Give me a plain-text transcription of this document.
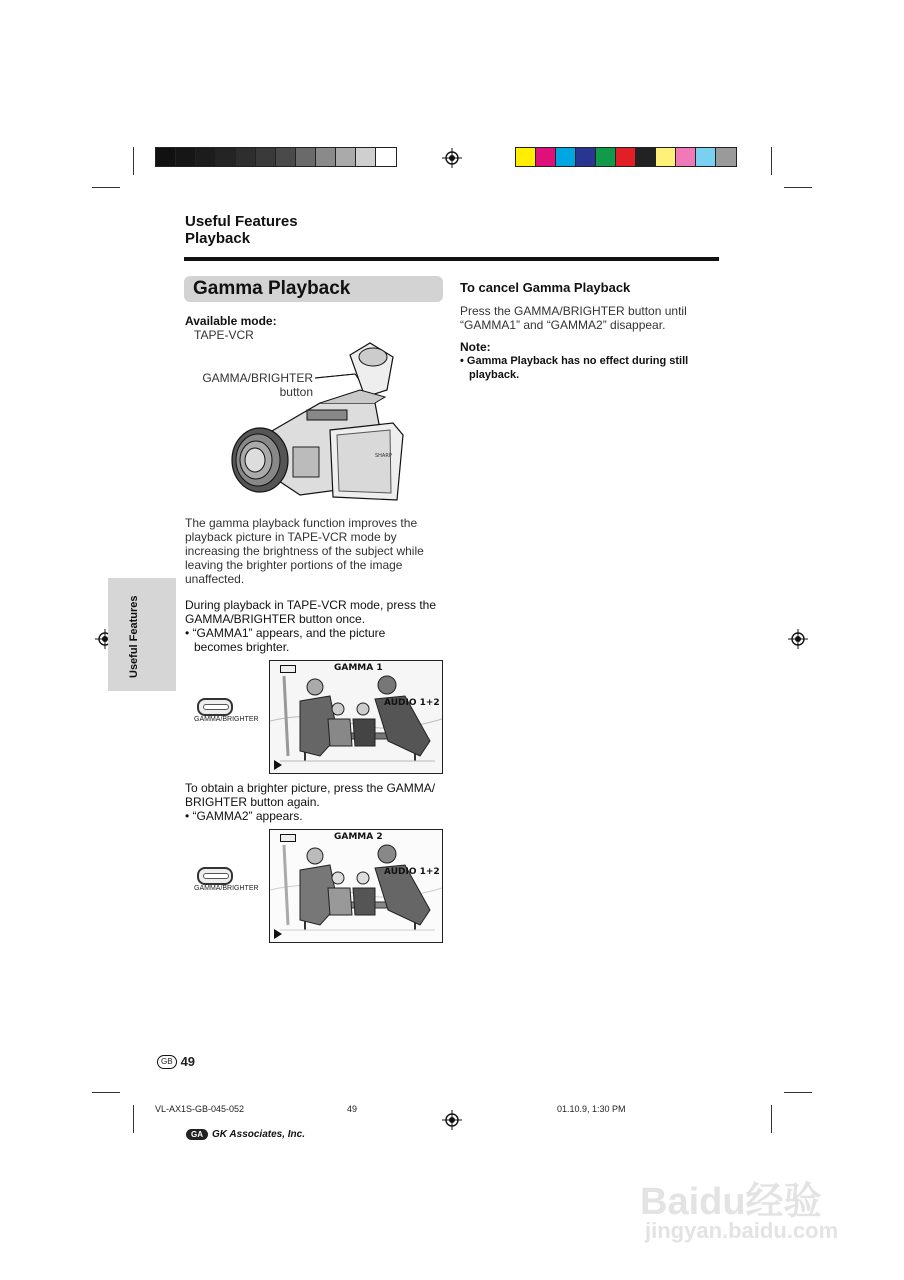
Useful Features
Playback
Gamma Playback
Available mode:
TAPE-VCR
GAMMA/BRIGHTER
button
SHARP
The gamma playback function improves the
playback picture in TAPE-VCR mode by
increasing the brightness of the subject while
leaving the brighter portions of the image
unaffected.
During playback in TAPE-VCR mode, press the
GAMMA/BRIGHTER button once.
• “GAMMA1” appears, and the picture
becomes brighter.
GAMMA/BRIGHTER
GAMMA 1
AUDIO 1+2
To obtain a brighter picture, press the GAMMA/
BRIGHTER button again.
• “GAMMA2” appears.
GAMMA/BRIGHTER
GAMMA 2
AUDIO 1+2
To cancel Gamma Playback
Press the GAMMA/BRIGHTER button until
“GAMMA1” and “GAMMA2” disappear.
Note:
• Gamma Playback has no effect during still
playback.
Useful Features
GB 49
VL-AX1S-GB-045-052	49	01.10.9, 1:30 PM
GA GK Associates, Inc.
Baidu经验
jingyan.baidu.com
